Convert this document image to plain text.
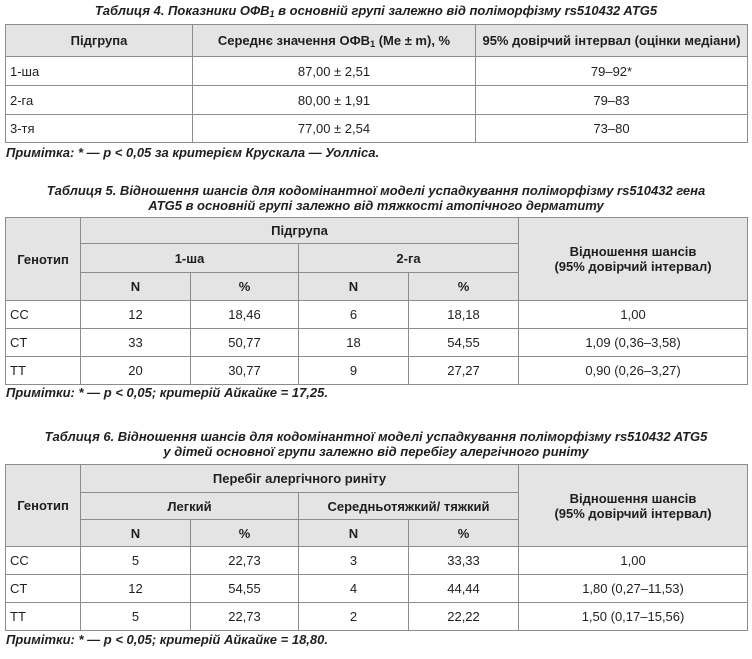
Таблиця 4. Показники $ОФВ_1$ в основній групі залежно від поліморфізму rs510432 ATG5
Підгрупа	Середнє значення $ОФВ_1$ (Me ± m), %	95% довірчий інтервал (оцінки медіани)
1-ша	87,00 ± 2,51	79–92*
2-га	80,00 ± 1,91	79–83
3-тя	77,00 ± 2,54	73–80
Примітка: * — р < 0,05 за критерієм Крускала — Уолліса.
Таблиця 5. Відношення шансів для кодомінантної моделі успадкування поліморфізму rs510432 гена
ATG5 в основній групі залежно від тяжкості атопічного дерматиту
Генотип	Підгрупа				Відношення шансів
(95% довірчий інтервал)

	1-ша		2-га		
	N	%	N	%	
CC	12	18,46	6	18,18	1,00
CT	33	50,77	18	54,55	1,09 (0,36–3,58)
TT	20	30,77	9	27,27	0,90 (0,26–3,27)
Примітки: * — р < 0,05; критерій Айкайке = 17,25.
Таблиця 6. Відношення шансів для кодомінантної моделі успадкування поліморфізму rs510432 ATG5
у дітей основної групи залежно від перебігу алергічного риніту
Генотип	Перебіг алергічного риніту				Відношення шансів
(95% довірчий інтервал)

	Легкий		Середньотяжкий/ тяжкий		
	N	%	N	%	
CC	5	22,73	3	33,33	1,00
CT	12	54,55	4	44,44	1,80 (0,27–11,53)
TT	5	22,73	2	22,22	1,50 (0,17–15,56)
Примітки: * — р < 0,05; критерій Айкайке = 18,80.
